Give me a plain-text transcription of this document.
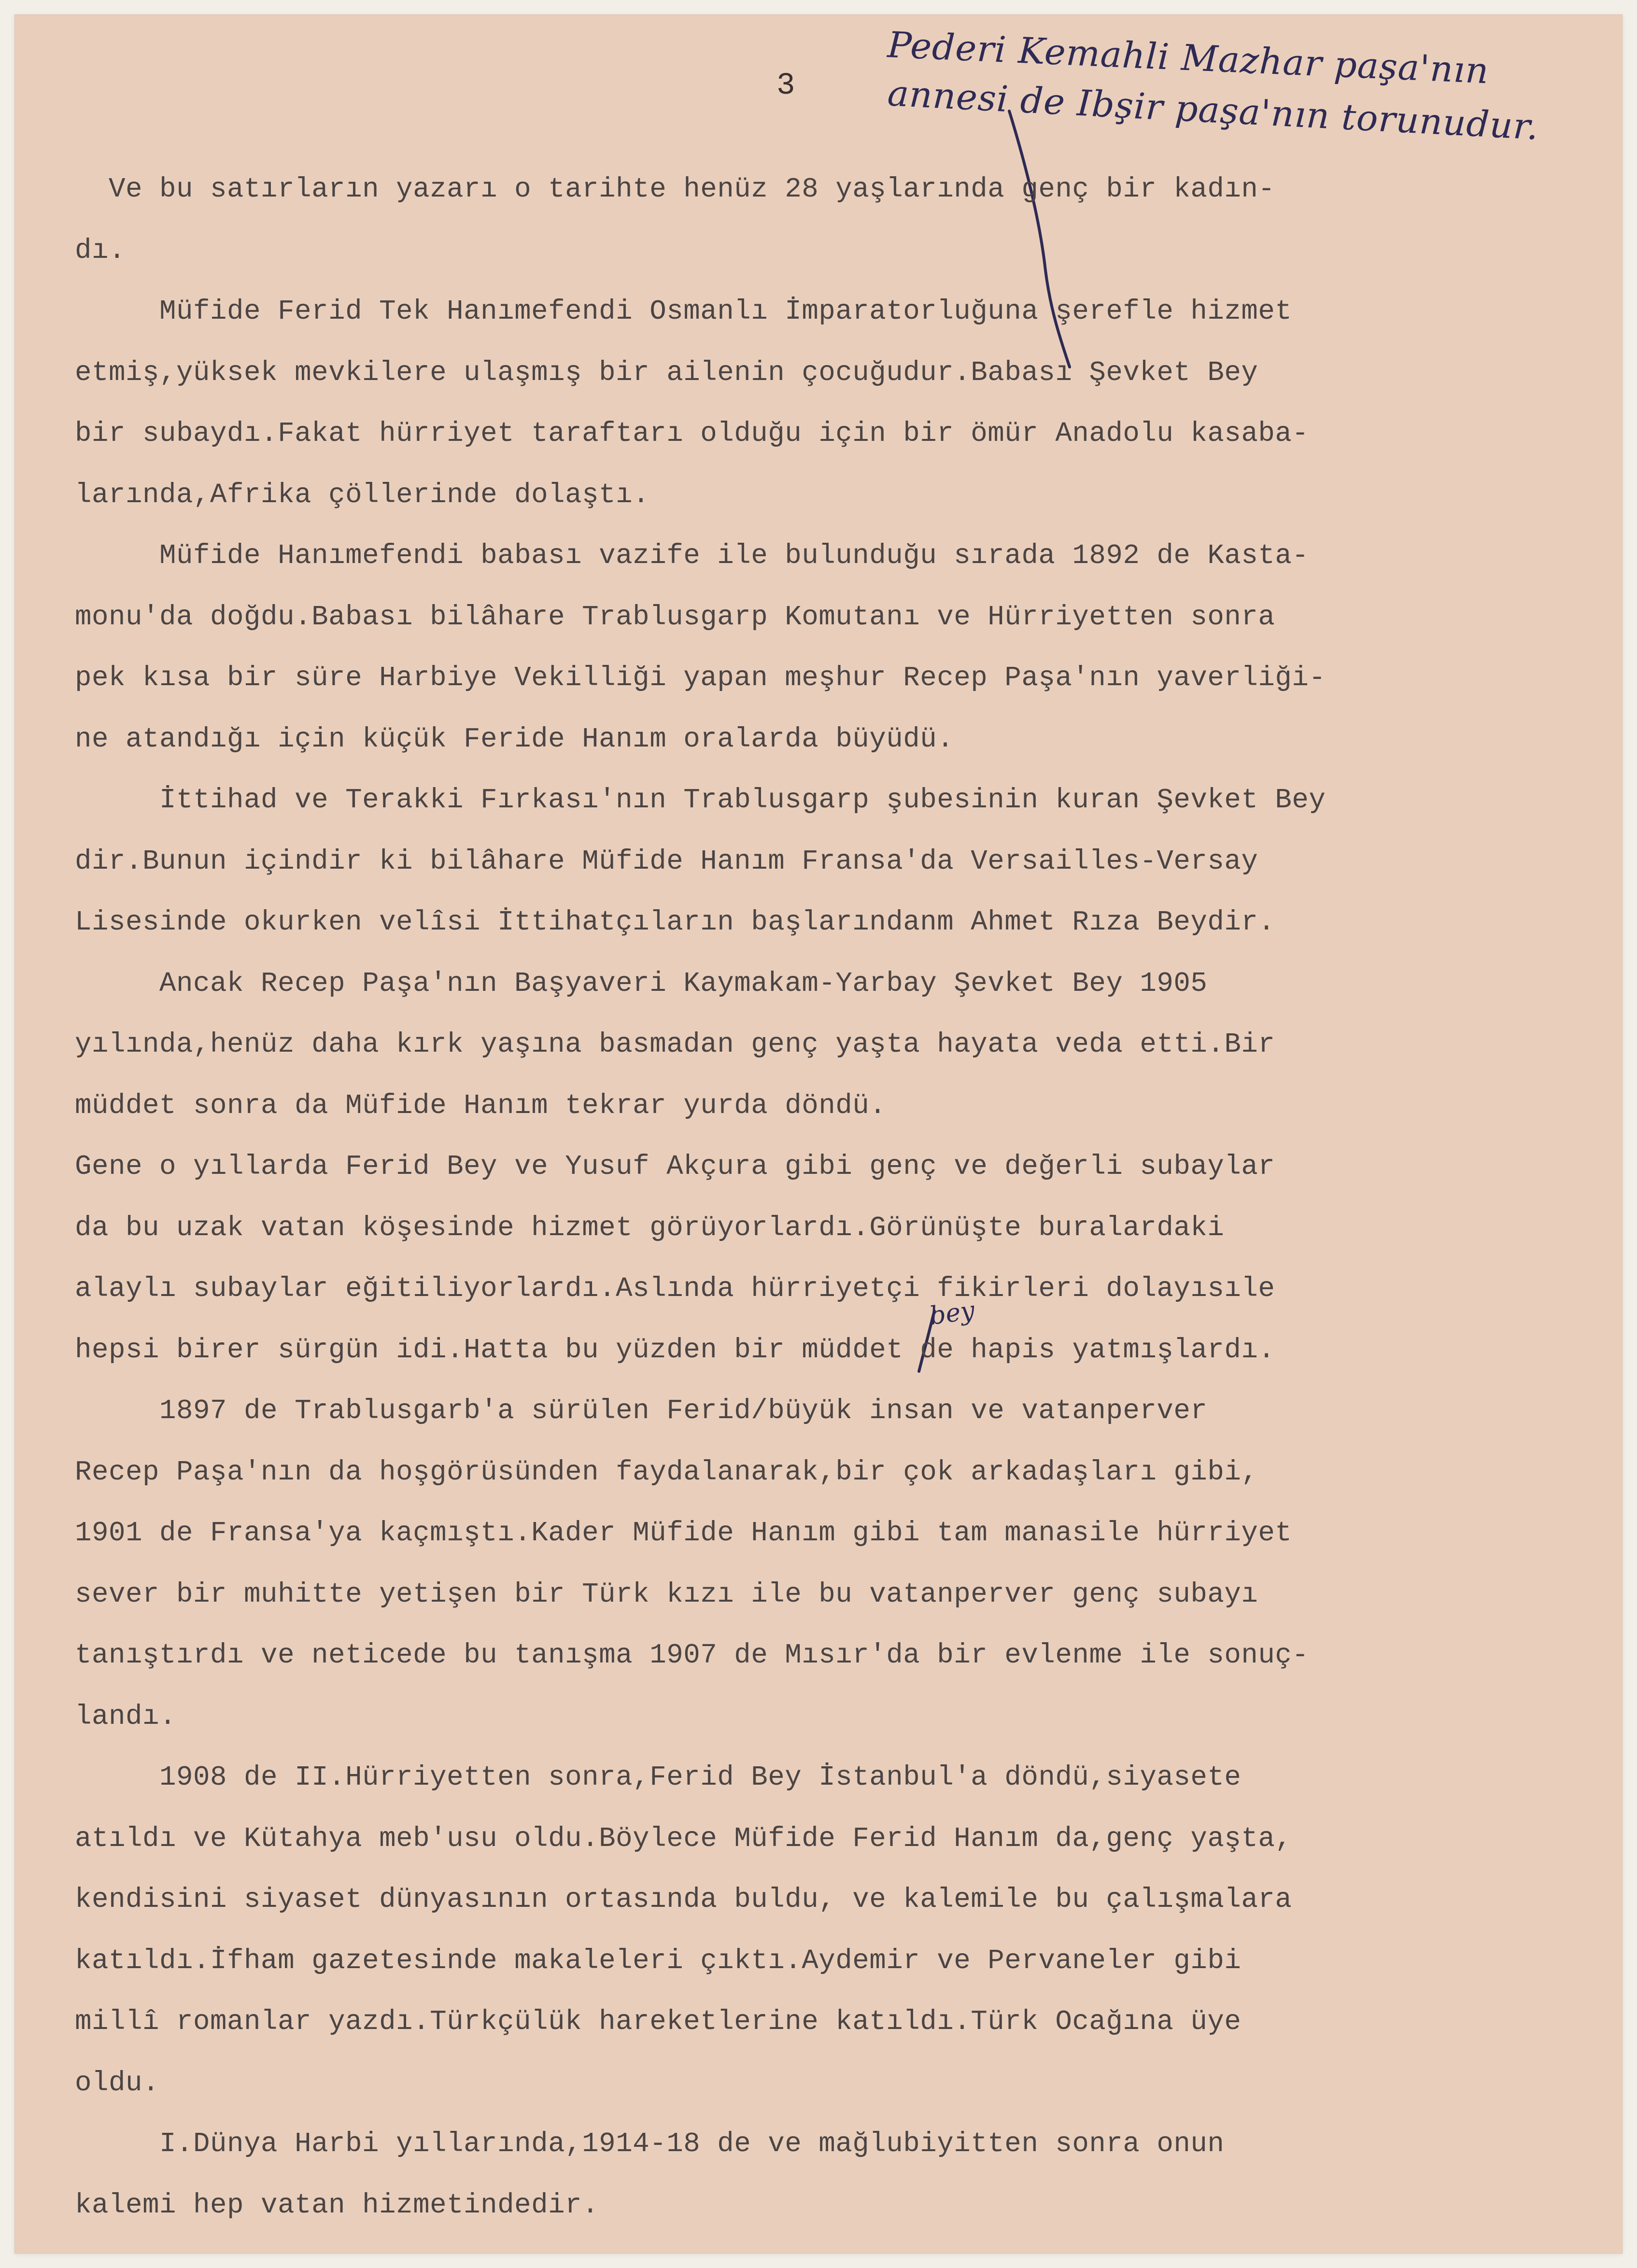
3	Pederi Kemahli Mazhar paşa'nın
annesi de Ibşir paşa'nın torunudur.
Ve bu satırların yazarı o tarihte henüz 28 yaşlarında genç bir kadın-
dı.
Müfide Ferid Tek Hanımefendi Osmanlı İmparatorluğuna şerefle hizmet
etmiş,yüksek mevkilere ulaşmış bir ailenin çocuğudur.Babası Şevket Bey
bir subaydı.Fakat hürriyet taraftarı olduğu için bir ömür Anadolu kasaba-
larında,Afrika çöllerinde dolaştı.
Müfide Hanımefendi babası vazife ile bulunduğu sırada 1892 de Kasta-
monu'da doğdu.Babası bilâhare Trablusgarp Komutanı ve Hürriyetten sonra
pek kısa bir süre Harbiye Vekilliği yapan meşhur Recep Paşa'nın yaverliği-
ne atandığı için küçük Feride Hanım oralarda büyüdü.
İttihad ve Terakki Fırkası'nın Trablusgarp şubesinin kuran Şevket Bey
dir.Bunun içindir ki bilâhare Müfide Hanım Fransa'da Versailles-Versay
Lisesinde okurken velîsi İttihatçıların başlarındanm Ahmet Rıza Beydir.
Ancak Recep Paşa'nın Başyaveri Kaymakam-Yarbay Şevket Bey 1905
yılında,henüz daha kırk yaşına basmadan genç yaşta hayata veda etti.Bir
müddet sonra da Müfide Hanım tekrar yurda döndü.
Gene o yıllarda Ferid Bey ve Yusuf Akçura gibi genç ve değerli subaylar
da bu uzak vatan köşesinde hizmet görüyorlardı.Görünüşte buralardaki
alaylı subaylar eğitiliyorlardı.Aslında hürriyetçi fikirleri dolayısıle
hepsi birer sürgün idi.Hatta bu yüzden bir müddet de hapis yatmışlardı.
1897 de Trablusgarb'a sürülen Ferid/büyük insan ve vatanperver
Recep Paşa'nın da hoşgörüsünden faydalanarak,bir çok arkadaşları gibi,
1901 de Fransa'ya kaçmıştı.Kader Müfide Hanım gibi tam manasile hürriyet
sever bir muhitte yetişen bir Türk kızı ile bu vatanperver genç subayı
tanıştırdı ve neticede bu tanışma 1907 de Mısır'da bir evlenme ile sonuç-
landı.
1908 de II.Hürriyetten sonra,Ferid Bey İstanbul'a döndü,siyasete
atıldı ve Kütahya meb'usu oldu.Böylece Müfide Ferid Hanım da,genç yaşta,
kendisini siyaset dünyasının ortasında buldu, ve kalemile bu çalışmalara
katıldı.İfham gazetesinde makaleleri çıktı.Aydemir ve Pervaneler gibi
millî romanlar yazdı.Türkçülük hareketlerine katıldı.Türk Ocağına üye
oldu.
I.Dünya Harbi yıllarında,1914-18 de ve mağlubiyitten sonra onun
kalemi hep vatan hizmetindedir.
bey
